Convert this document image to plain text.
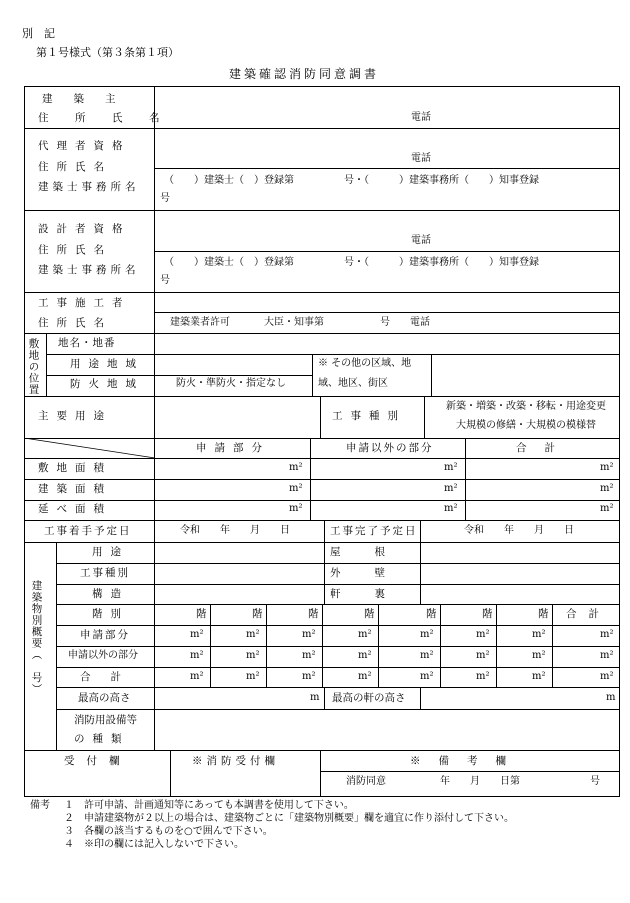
別　記
第１号様式（第３条第１項）
建築確認消防同意調書
建　　築　　主
住　所　氏　名	電話
代理者資格
住所氏名
建築士事務所名
電話
（　　）建築士（　）登録第　　　　　号・（　　　）建築事務所（　　）知事登録
号
設計者資格
住所氏名
建築士事務所名
電話
（　　）建築士（　）登録第　　　　　号・（　　　）建築事務所（　　）知事登録
号
工事施工者
住所氏名	建築業者許可	大臣・知事第	号 電話
敷地の位置 地名・地番
用途地域	※ その他の区域、地
防火地域	防火・準防火・指定なし	域、地区、街区
主要用途	工事種別
新築・増築・改築・移転・用途変更
大規模の修繕・大規模の模様替
申請部分	申請以外の部分	合計
敷地面積	m²	m²	m²
建築面積	m²	m²	m²
延べ面積	m²	m²	m²
工事着手予定日	令和　　年　　月　　日	工事完了予定日	令和　　年　　月　　日
建築物別概要（　号）
用途	屋根
工事種別	外壁
構造	軒裏
階別	階	階	階	階	階	階	階 合計
申請部分	m²	m²	m²	m²	m²	m²	m²	m²
申請以外の部分	m²	m²	m²	m²	m²	m²	m²	m²
合計	m²	m²	m²	m²	m²	m²	m²	m²
最高の高さ	m 最高の軒の高さ	m
消防用設備等
の種類
受付欄	※消防受付欄	※備考欄
消防同意	年　　月　　日第	号
備考 １　許可申請、計画通知等にあっても本調書を使用して下さい。
２　申請建築物が２以上の場合は、建築物ごとに「建築物別概要」欄を適宜に作り添付して下さい。
３　各欄の該当するものを○で囲んで下さい。
４　※印の欄には記入しないで下さい。
